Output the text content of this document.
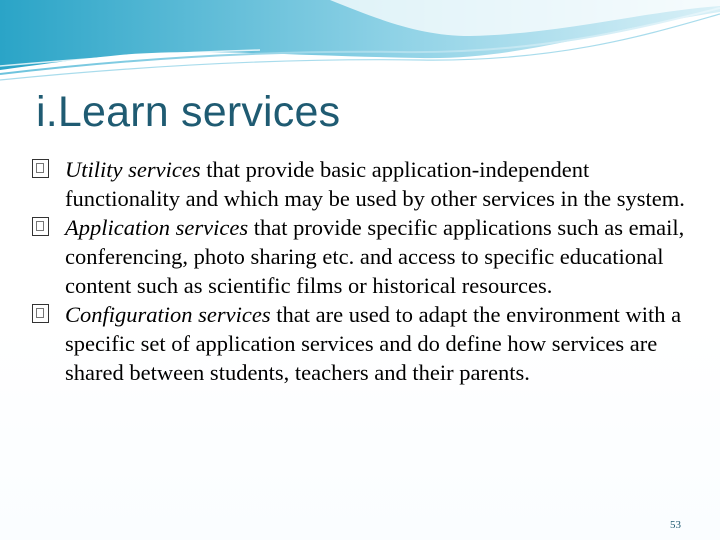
i.Learn services
Utility services that provide basic application-independent functionality and which may be used by other services in the system.
Application services that provide specific applications such as email, conferencing, photo sharing etc. and access to specific educational content such as scientific films or historical resources.
Configuration services that are used to adapt the environment with a specific set of application services and do define how services are shared between students, teachers and their parents.
53
